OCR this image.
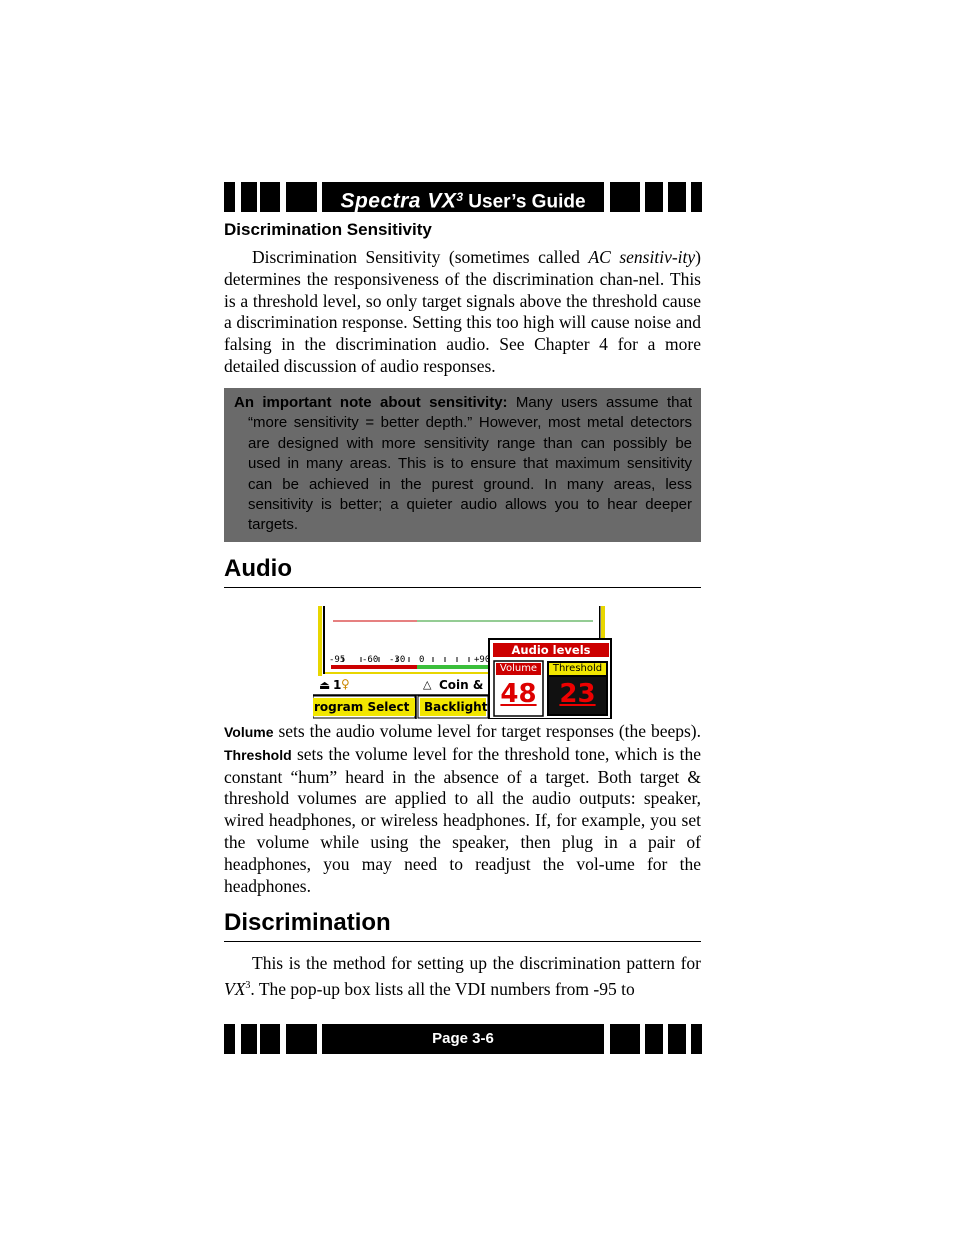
Spectra $VX^3$ User’s Guide
Discrimination Sensitivity
Discrimination Sensitivity (sometimes called AC sensitiv-ity) determines the responsiveness of the discrimination chan-nel. This is a threshold level, so only target signals above the threshold cause a discrimination response. Setting this too high will cause noise and falsing in the discrimination audio. See Chapter 4 for a more detailed discussion of audio responses.
An important note about sensitivity: Many users assume that “more sensitivity = better depth.” However, most metal detectors are designed with more sensitivity range than can possibly be used in many areas. This is to ensure that maximum sensitivity can be achieved in the purest ground. In many areas, less sensitivity is better; a quieter audio allows you to hear deeper targets.
Audio
-95 -60 -30 0	+90
⏏ 1 ♀	△ Coin &
rogram Select Backlight
Audio levels
Volume
48
Threshold
23
Volume sets the audio volume level for target responses (the beeps). Threshold sets the volume level for the threshold tone, which is the constant “hum” heard in the absence of a target. Both target & threshold volumes are applied to all the audio outputs: speaker, wired headphones, or wireless headphones. If, for example, you set the volume while using the speaker, then plug in a pair of headphones, you may need to readjust the vol-ume for the headphones.
Discrimination
This is the method for setting up the discrimination pattern for $VX^3$. The pop-up box lists all the VDI numbers from -95 to
Page 3-6
